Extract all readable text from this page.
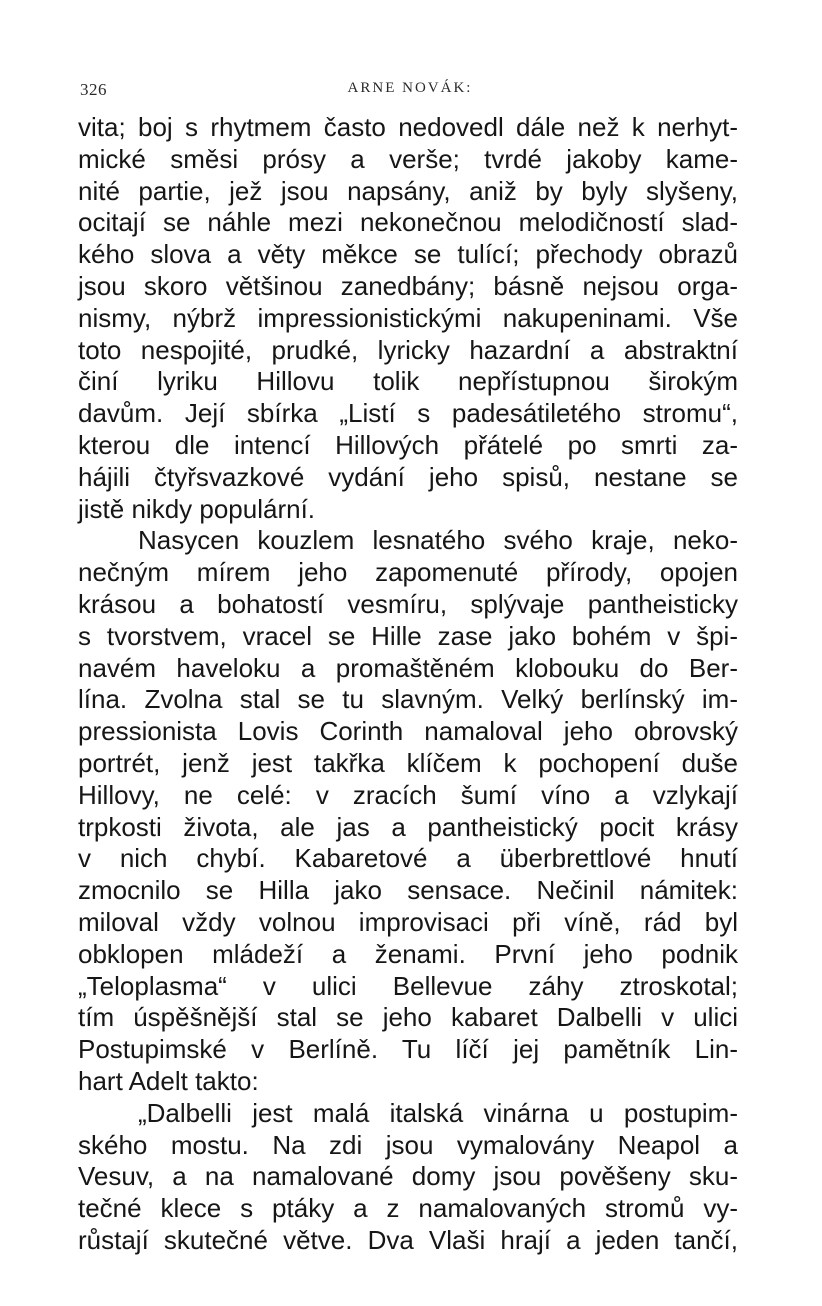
326	ARNE NOVÁK:
vita; boj s rhytmem často nedovedl dále než k nerhyt-
mické směsi prósy a verše; tvrdé jakoby kame-
nité partie, jež jsou napsány, aniž by byly slyšeny,
ocitají se náhle mezi nekonečnou melodičností slad-
kého slova a věty měkce se tulící; přechody obrazů
jsou skoro většinou zanedbány; básně nejsou orga-
nismy, nýbrž impressionistickými nakupeninami. Vše
toto nespojité, prudké, lyricky hazardní a abstraktní
činí lyriku Hillovu tolik nepřístupnou širokým
davům. Její sbírka „Listí s padesátiletého stromu“,
kterou dle intencí Hillových přátelé po smrti za-
hájili čtyřsvazkové vydání jeho spisů, nestane se
jistě nikdy populární.
Nasycen kouzlem lesnatého svého kraje, neko-
nečným mírem jeho zapomenuté přírody, opojen
krásou a bohatostí vesmíru, splývaje pantheisticky
s tvorstvem, vracel se Hille zase jako bohém v špi-
navém haveloku a promaštěném klobouku do Ber-
lína. Zvolna stal se tu slavným. Velký berlínský im-
pressionista Lovis Corinth namaloval jeho obrovský
portrét, jenž jest takřka klíčem k pochopení duše
Hillovy, ne celé: v zracích šumí víno a vzlykají
trpkosti života, ale jas a pantheistický pocit krásy
v nich chybí. Kabaretové a überbrettlové hnutí
zmocnilo se Hilla jako sensace. Nečinil námitek:
miloval vždy volnou improvisaci při víně, rád byl
obklopen mládeží a ženami. První jeho podnik
„Teloplasma“ v ulici Bellevue záhy ztroskotal;
tím úspěšnější stal se jeho kabaret Dalbelli v ulici
Postupimské v Berlíně. Tu líčí jej pamětník Lin-
hart Adelt takto:
„Dalbelli jest malá italská vinárna u postupim-
ského mostu. Na zdi jsou vymalovány Neapol a
Vesuv, a na namalované domy jsou pověšeny sku-
tečné klece s ptáky a z namalovaných stromů vy-
růstají skutečné větve. Dva Vlaši hrají a jeden tančí,
